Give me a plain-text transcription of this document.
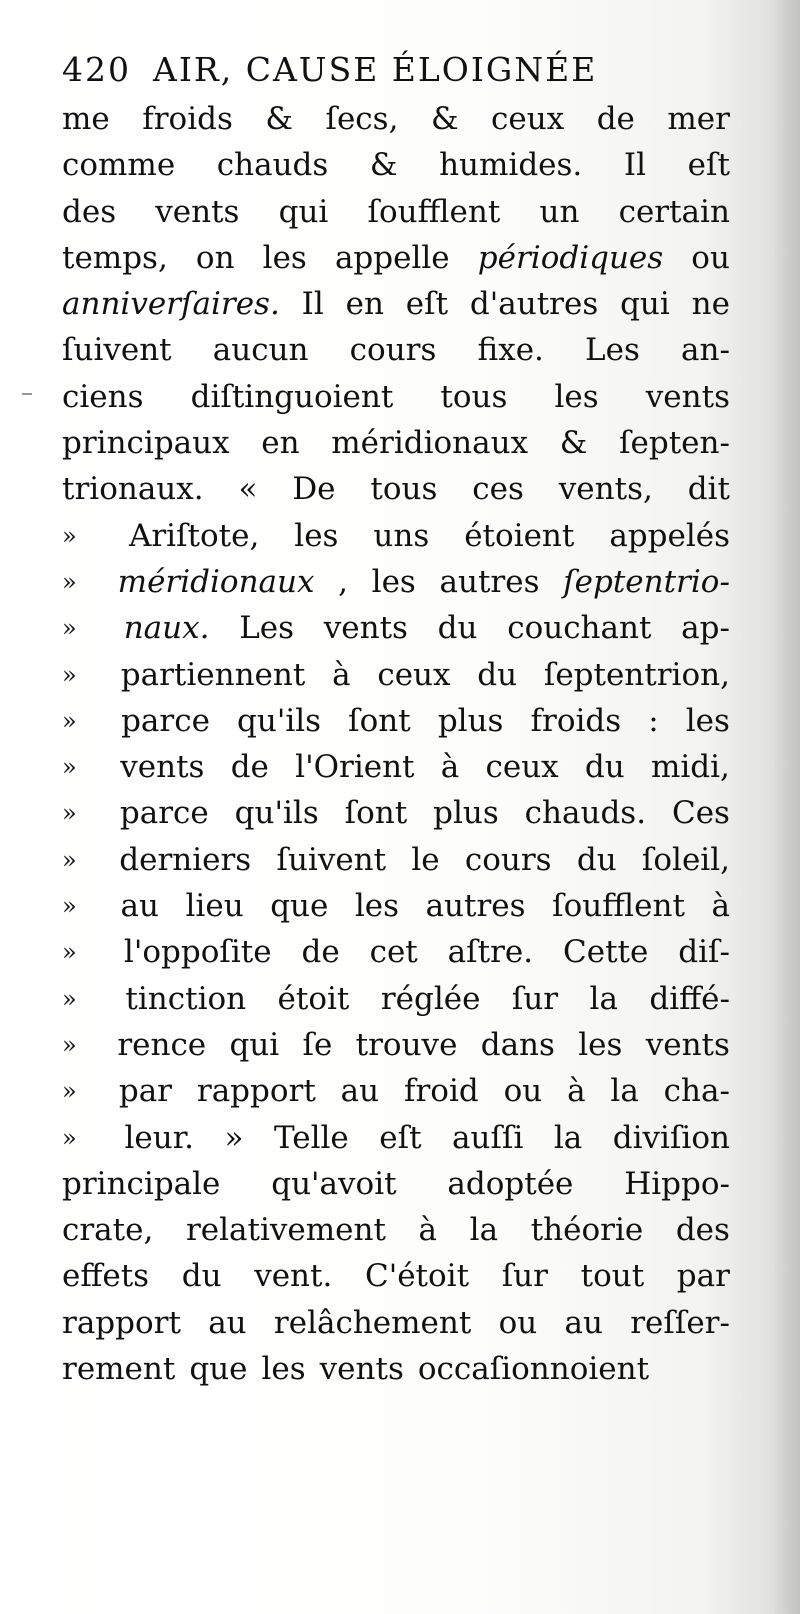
420 AIR, CAUSE ÉLOIGNÉE
me froids & ſecs, & ceux de mer
comme chauds & humides. Il eſt
des vents qui ſoufflent un certain
temps, on les appelle périodiques ou
anniverſaires. Il en eſt d'autres qui ne
ſuivent aucun cours fixe. Les an-
ciens diſtinguoient tous les vents
principaux en méridionaux & ſepten-
trionaux. « De tous ces vents, dit
»	Ariſtote, les uns étoient appelés
»	méridionaux , les autres ſeptentrio-
»	naux. Les vents du couchant ap-
»	partiennent à ceux du ſeptentrion,
»	parce qu'ils ſont plus froids : les
»	vents de l'Orient à ceux du midi,
»	parce qu'ils ſont plus chauds. Ces
»	derniers ſuivent le cours du ſoleil,
»	au lieu que les autres ſoufflent à
»	l'oppoſite de cet aſtre. Cette diſ-
»	tinction étoit réglée ſur la diffé-
»	rence qui ſe trouve dans les vents
»	par rapport au froid ou à la cha-
»	leur. » Telle eſt auſſi la diviſion
principale qu'avoit adoptée Hippo-
crate, relativement à la théorie des
effets du vent. C'étoit ſur tout par
rapport au relâchement ou au reſſer-
rement que les vents occaſionnoient
